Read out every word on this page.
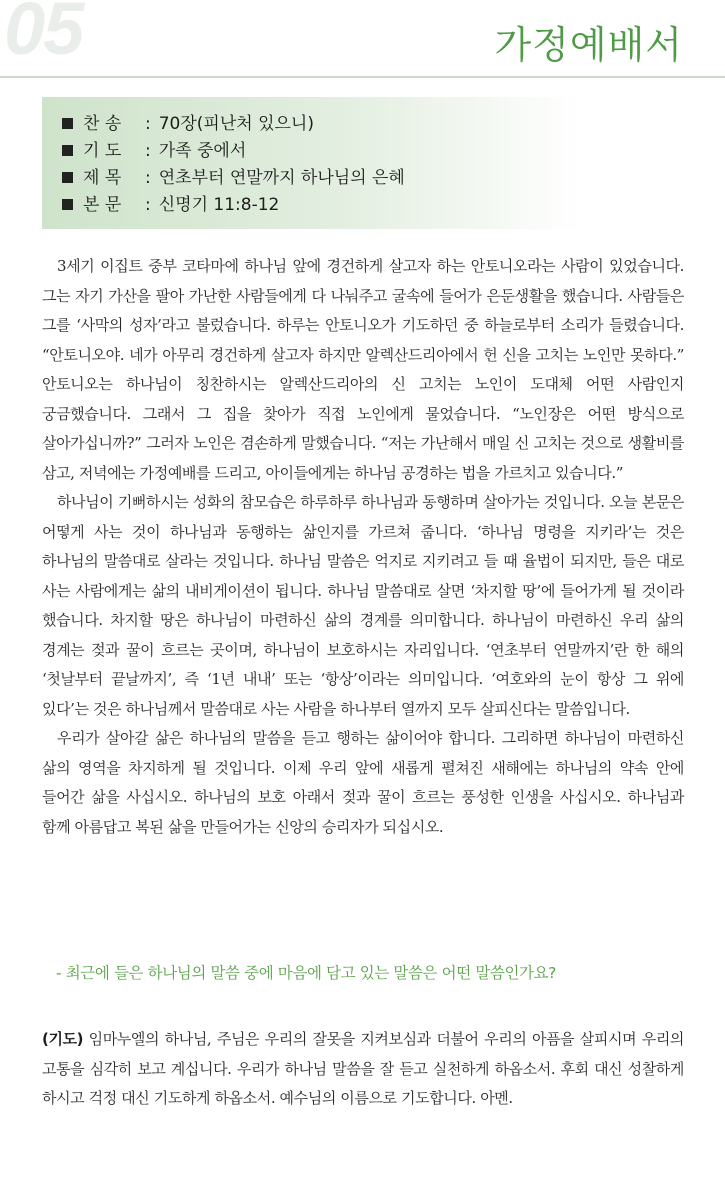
05	가정예배서
찬 송 : 70장(피난처 있으니)
기 도 : 가족 중에서
제 목 : 연초부터 연말까지 하나님의 은혜
본 문 : 신명기 11:8-12

3세기 이집트 중부 코타마에 하나님 앞에 경건하게 살고자 하는 안토니오라는 사람이 있었습니다. 그는 자기 가산을 팔아 가난한 사람들에게 다 나눠주고 굴속에 들어가 은둔생활을 했습니다. 사람들은 그를 ‘사막의 성자’라고 불렀습니다. 하루는 안토니오가 기도하던 중 하늘로부터 소리가 들렸습니다. “안토니오야. 네가 아무리 경건하게 살고자 하지만 알렉산드리아에서 헌 신을 고치는 노인만 못하다.” 안토니오는 하나님이 칭찬하시는 알렉산드리아의 신 고치는 노인이 도대체 어떤 사람인지 궁금했습니다. 그래서 그 집을 찾아가 직접 노인에게 물었습니다. “노인장은 어떤 방식으로 살아가십니까?” 그러자 노인은 겸손하게 말했습니다. “저는 가난해서 매일 신 고치는 것으로 생활비를 삼고, 저녁에는 가정예배를 드리고, 아이들에게는 하나님 공경하는 법을 가르치고 있습니다.”

하나님이 기뻐하시는 성화의 참모습은 하루하루 하나님과 동행하며 살아가는 것입니다. 오늘 본문은 어떻게 사는 것이 하나님과 동행하는 삶인지를 가르쳐 줍니다. ‘하나님 명령을 지키라’는 것은 하나님의 말씀대로 살라는 것입니다. 하나님 말씀은 억지로 지키려고 들 때 율법이 되지만, 들은 대로 사는 사람에게는 삶의 내비게이션이 됩니다. 하나님 말씀대로 살면 ‘차지할 땅’에 들어가게 될 것이라 했습니다. 차지할 땅은 하나님이 마련하신 삶의 경계를 의미합니다. 하나님이 마련하신 우리 삶의 경계는 젖과 꿀이 흐르는 곳이며, 하나님이 보호하시는 자리입니다. ‘연초부터 연말까지’란 한 해의 ‘첫날부터 끝날까지’, 즉 ‘1년 내내’ 또는 ‘항상’이라는 의미입니다. ‘여호와의 눈이 항상 그 위에 있다’는 것은 하나님께서 말씀대로 사는 사람을 하나부터 열까지 모두 살피신다는 말씀입니다.

우리가 살아갈 삶은 하나님의 말씀을 듣고 행하는 삶이어야 합니다. 그리하면 하나님이 마련하신 삶의 영역을 차지하게 될 것입니다. 이제 우리 앞에 새롭게 펼쳐진 새해에는 하나님의 약속 안에 들어간 삶을 사십시오. 하나님의 보호 아래서 젖과 꿀이 흐르는 풍성한 인생을 사십시오. 하나님과 함께 아름답고 복된 삶을 만들어가는 신앙의 승리자가 되십시오.

- 최근에 들은 하나님의 말씀 중에 마음에 담고 있는 말씀은 어떤 말씀인가요?

(기도) 임마누엘의 하나님, 주님은 우리의 잘못을 지켜보심과 더불어 우리의 아픔을 살피시며 우리의 고통을 심각히 보고 계십니다. 우리가 하나님 말씀을 잘 듣고 실천하게 하옵소서. 후회 대신 성찰하게 하시고 걱정 대신 기도하게 하옵소서. 예수님의 이름으로 기도합니다. 아멘.
